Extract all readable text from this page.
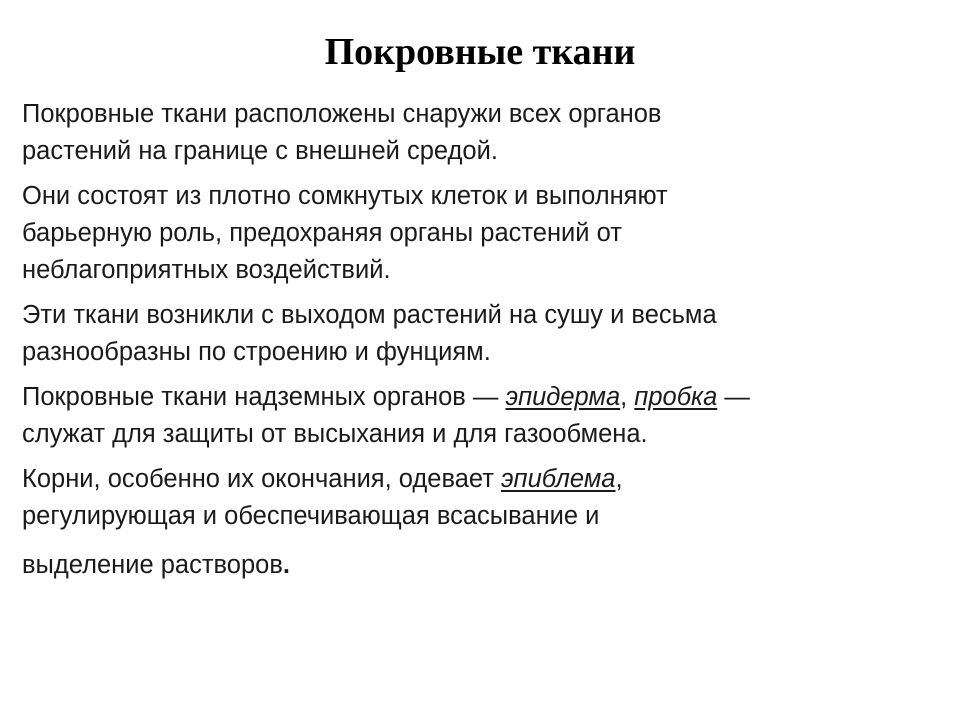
Покровные ткани

Покровные ткани расположены снаружи всех органов
растений на границе с внешней средой.

Они состоят из плотно сомкнутых клеток и выполняют
барьерную роль, предохраняя органы растений от
неблагоприятных воздействий.

Эти ткани возникли с выходом растений на сушу и весьма
разнообразны по строению и фунциям.

Покровные ткани надземных органов — эпидерма, пробка —
служат для защиты от высыхания и для газообмена.

Корни, особенно их окончания, одевает эпиблема,
регулирующая и обеспечивающая всасывание и
выделение растворов.
